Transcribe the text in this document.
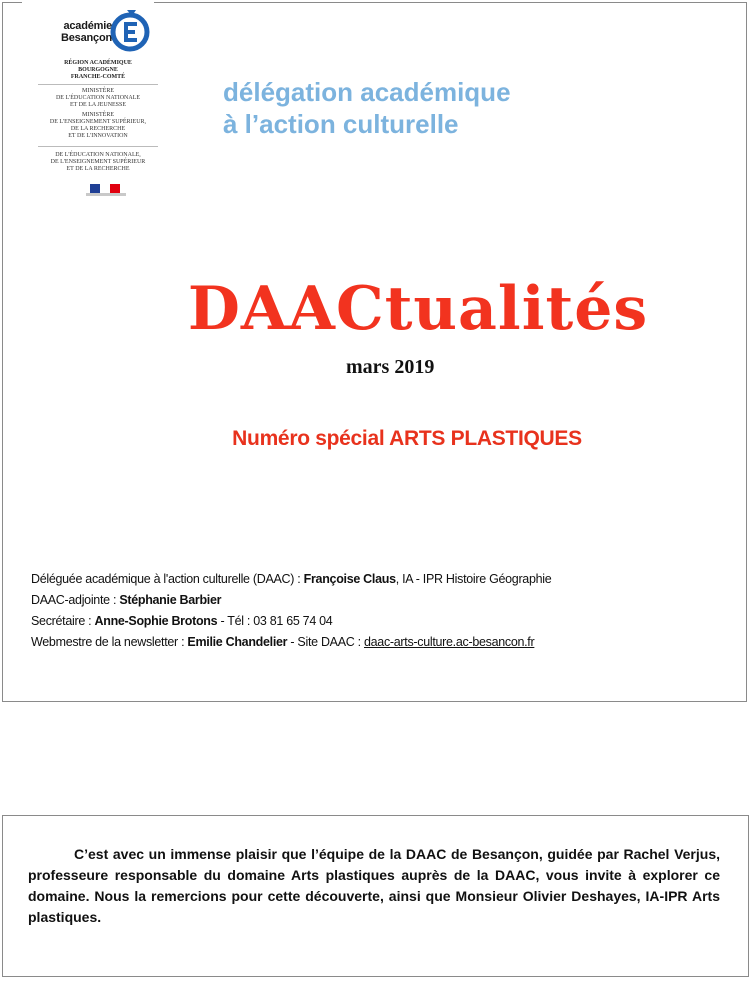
académie
Besançon
RÉGION ACADÉMIQUE
BOURGOGNE
FRANCHE-COMTÉ
MINISTÈRE
DE L'ÉDUCATION NATIONALE
ET DE LA JEUNESSE
MINISTÈRE
DE L'ENSEIGNEMENT SUPÉRIEUR,
DE LA RECHERCHE
ET DE L'INNOVATION
DE L'ÉDUCATION NATIONALE,
DE L'ENSEIGNEMENT SUPÉRIEUR
ET DE LA RECHERCHE
délégation académique
à l’action culturelle
DAACtualités
mars 2019
Numéro spécial ARTS PLASTIQUES
Déléguée académique à l'action culturelle (DAAC) : Françoise Claus, IA - IPR Histoire Géographie
DAAC-adjointe : Stéphanie Barbier
Secrétaire : Anne-Sophie Brotons - Tél : 03 81 65 74 04
Webmestre de la newsletter : Emilie Chandelier - Site DAAC : daac-arts-culture.ac-besancon.fr
C’est avec un immense plaisir que l’équipe de la DAAC de Besançon, guidée par Rachel Verjus, professeure responsable du domaine Arts plastiques auprès de la DAAC, vous invite à explorer ce domaine. Nous la remercions pour cette découverte, ainsi que Monsieur Olivier Deshayes, IA-IPR Arts plastiques.
